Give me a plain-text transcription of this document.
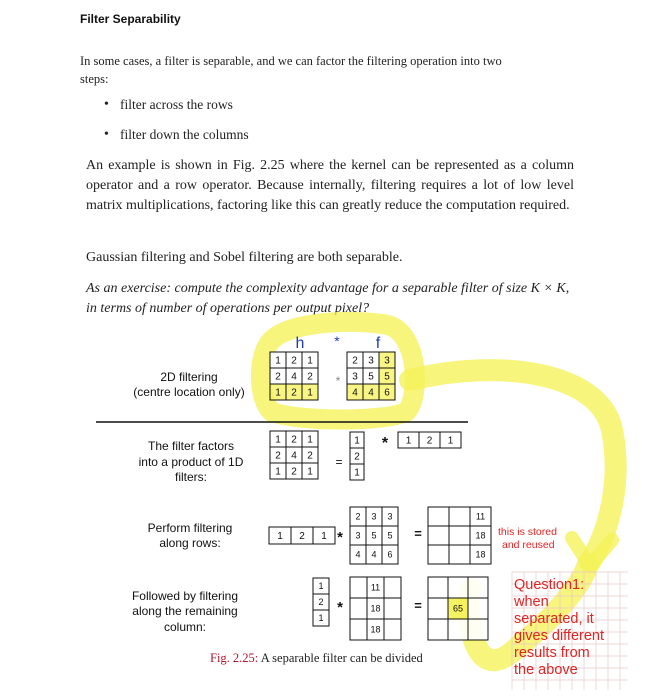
Filter Separability
In some cases, a filter is separable, and we can factor the filtering operation into two steps:
• filter across the rows
• filter down the columns
An example is shown in Fig. 2.25 where the kernel can be represented as a column operator and a row operator. Because internally, filtering requires a lot of low level matrix multiplications, factoring like this can greatly reduce the computation required.
Gaussian filtering and Sobel filtering are both separable.
As an exercise: compute the complexity advantage for a separable filter of size K × K, in terms of number of operations per output pixel?
h * f
2D filtering
(centre location only)
The filter factors
into a product of 1D
filters:
Perform filtering
along rows:
Followed by filtering
along the remaining
column:
1 2 1
2 4 2
1 2 1
2 3 3
3 5 5
4 4 6
1 2 1
2 4 2
1 2 1
1
2
1
1 2 1
1 2 1
2 3 3
3 5 5
4 4 6
11
18
18
1
2
1
11
18
18
65
*
=
*
*	=
*	=
this is stored
and reused
Question1:
when
separated, it
gives different
results from
the above
Fig. 2.25: A separable filter can be divided
